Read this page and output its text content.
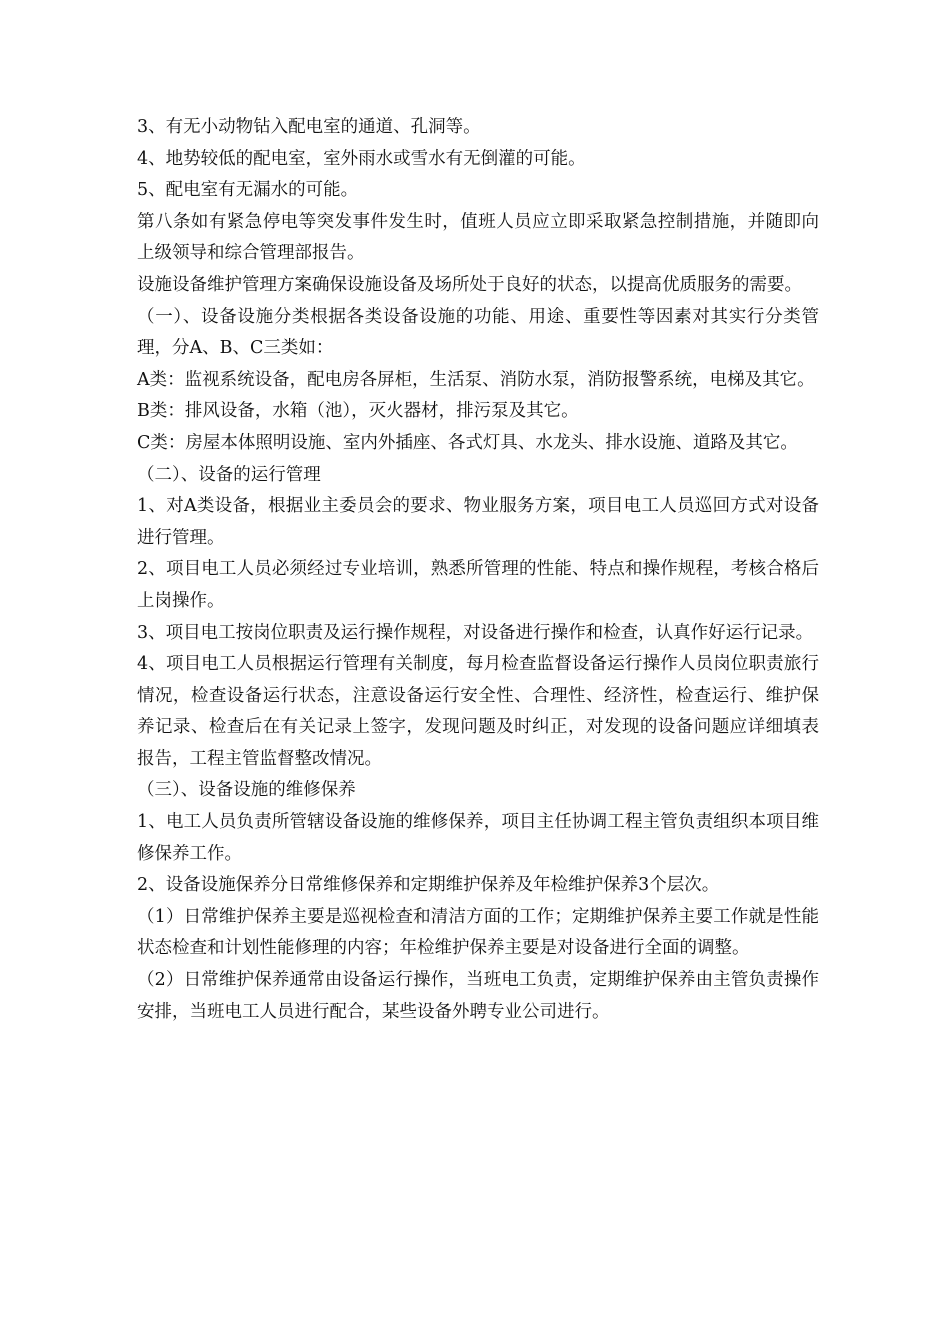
3、有无小动物钻入配电室的通道、孔洞等。

4、地势较低的配电室，室外雨水或雪水有无倒灌的可能。

5、配电室有无漏水的可能。

第八条如有紧急停电等突发事件发生时，值班人员应立即采取紧急控制措施，并随即向上级领导和综合管理部报告。

设施设备维护管理方案确保设施设备及场所处于良好的状态，以提高优质服务的需要。

（一）、设备设施分类根据各类设备设施的功能、用途、重要性等因素对其实行分类管理，分A、B、C三类如：

A类：监视系统设备，配电房各屏柜，生活泵、消防水泵，消防报警系统，电梯及其它。

B类：排风设备，水箱（池），灭火器材，排污泵及其它。

C类：房屋本体照明设施、室内外插座、各式灯具、水龙头、排水设施、道路及其它。

（二）、设备的运行管理

1、对A类设备，根据业主委员会的要求、物业服务方案，项目电工人员巡回方式对设备进行管理。

2、项目电工人员必须经过专业培训，熟悉所管理的性能、特点和操作规程，考核合格后上岗操作。

3、项目电工按岗位职责及运行操作规程，对设备进行操作和检查，认真作好运行记录。

4、项目电工人员根据运行管理有关制度，每月检查监督设备运行操作人员岗位职责旅行情况，检查设备运行状态，注意设备运行安全性、合理性、经济性，检查运行、维护保养记录、检查后在有关记录上签字，发现问题及时纠正，对发现的设备问题应详细填表报告，工程主管监督整改情况。

（三）、设备设施的维修保养

1、电工人员负责所管辖设备设施的维修保养，项目主任协调工程主管负责组织本项目维修保养工作。

2、设备设施保养分日常维修保养和定期维护保养及年检维护保养3个层次。

（1）日常维护保养主要是巡视检查和清洁方面的工作；定期维护保养主要工作就是性能状态检查和计划性能修理的内容；年检维护保养主要是对设备进行全面的调整。

（2）日常维护保养通常由设备运行操作，当班电工负责，定期维护保养由主管负责操作安排，当班电工人员进行配合，某些设备外聘专业公司进行。
